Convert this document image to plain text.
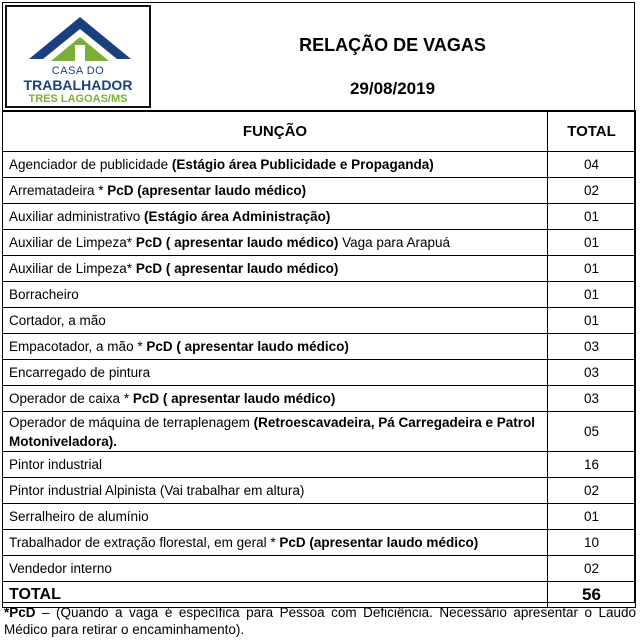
CASA DO
TRABALHADOR
TRES LAGOAS/MS
RELAÇÃO DE VAGAS
29/08/2019
FUNÇÃO	TOTAL
Agenciador de publicidade (Estágio área Publicidade e Propaganda)	04
Arrematadeira * PcD (apresentar laudo médico)	02
Auxiliar administrativo (Estágio área Administração)	01
Auxiliar de Limpeza* PcD ( apresentar laudo médico) Vaga para Arapuá	01
Auxiliar de Limpeza* PcD ( apresentar laudo médico)	01
Borracheiro	01
Cortador, a mão	01
Empacotador, a mão * PcD ( apresentar laudo médico)	03
Encarregado de pintura	03
Operador de caixa * PcD ( apresentar laudo médico)	03
Operador de máquina de terraplenagem (Retroescavadeira, Pá Carregadeira e Patrol Motoniveladora).	05
Pintor industrial	16
Pintor industrial Alpinista (Vai trabalhar em altura)	02
Serralheiro de alumínio	01
Trabalhador de extração florestal, em geral * PcD (apresentar laudo médico)	10
Vendedor interno	02
TOTAL	56
*PcD – (Quando a vaga é específica para Pessoa com Deficiência. Necessário apresentar o Laudo Médico para retirar o encaminhamento).
